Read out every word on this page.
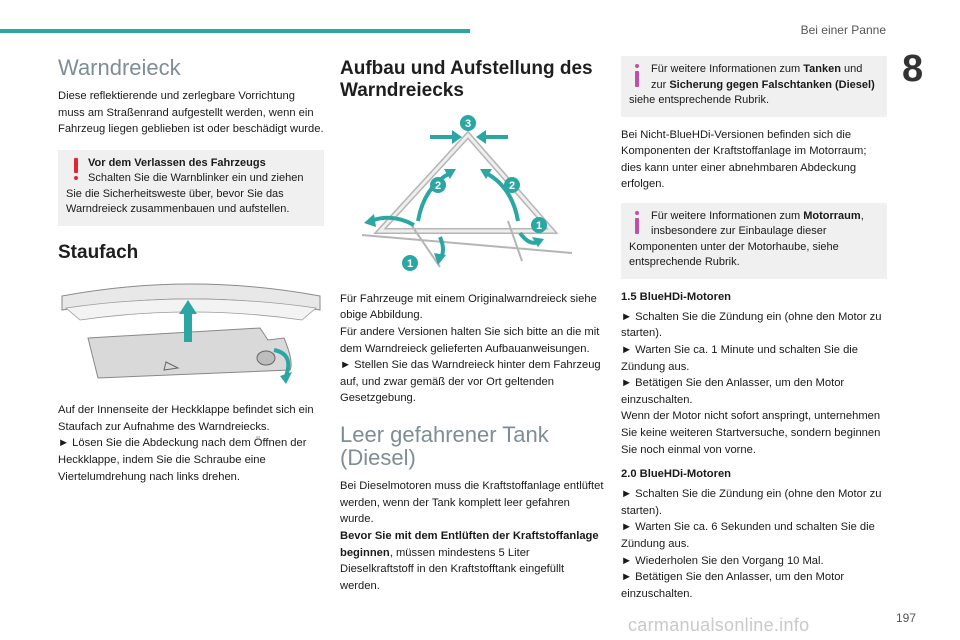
Bei einer Panne
8
Warndreieck

Diese reflektierende und zerlegbare Vorrichtung muss am Straßenrand aufgestellt werden, wenn ein Fahrzeug liegen geblieben ist oder beschädigt wurde.

Vor dem Verlassen des Fahrzeugs
Schalten Sie die Warnblinker ein und ziehen Sie die Sicherheitsweste über, bevor Sie das Warndreieck zusammenbauen und aufstellen.
Staufach

Auf der Innenseite der Heckklappe befindet sich ein Staufach zur Aufnahme des Warndreiecks.

► Lösen Sie die Abdeckung nach dem Öffnen der Heckklappe, indem Sie die Schraube eine Viertelumdrehung nach links drehen.

Aufbau und Aufstellung des Warndreiecks
3
2	2
1
1

Für Fahrzeuge mit einem Originalwarndreieck siehe obige Abbildung.

Für andere Versionen halten Sie sich bitte an die mit dem Warndreieck gelieferten Aufbauanweisungen.

► Stellen Sie das Warndreieck hinter dem Fahrzeug auf, und zwar gemäß der vor Ort geltenden Gesetzgebung.

Leer gefahrener Tank (Diesel)

Bei Dieselmotoren muss die Kraftstoffanlage entlüftet werden, wenn der Tank komplett leer gefahren wurde.

Bevor Sie mit dem Entlüften der Kraftstoffanlage beginnen, müssen mindestens 5 Liter Dieselkraftstoff in den Kraftstofftank eingefüllt werden.

Für weitere Informationen zum Tanken und zur Sicherung gegen Falschtanken (Diesel) siehe entsprechende Rubrik.

Bei Nicht-BlueHDi-Versionen befinden sich die Komponenten der Kraftstoffanlage im Motorraum; dies kann unter einer abnehmbaren Abdeckung erfolgen.

Für weitere Informationen zum Motorraum, insbesondere zur Einbaulage dieser Komponenten unter der Motorhaube, siehe entsprechende Rubrik.
1.5 BlueHDi-Motoren

► Schalten Sie die Zündung ein (ohne den Motor zu starten).

► Warten Sie ca. 1 Minute und schalten Sie die Zündung aus.

► Betätigen Sie den Anlasser, um den Motor einzuschalten.

Wenn der Motor nicht sofort anspringt, unternehmen Sie keine weiteren Startversuche, sondern beginnen Sie noch einmal von vorne.

2.0 BlueHDi-Motoren

► Schalten Sie die Zündung ein (ohne den Motor zu starten).

► Warten Sie ca. 6 Sekunden und schalten Sie die Zündung aus.

► Wiederholen Sie den Vorgang 10 Mal.

► Betätigen Sie den Anlasser, um den Motor einzuschalten.

carmanualsonline.info	197
